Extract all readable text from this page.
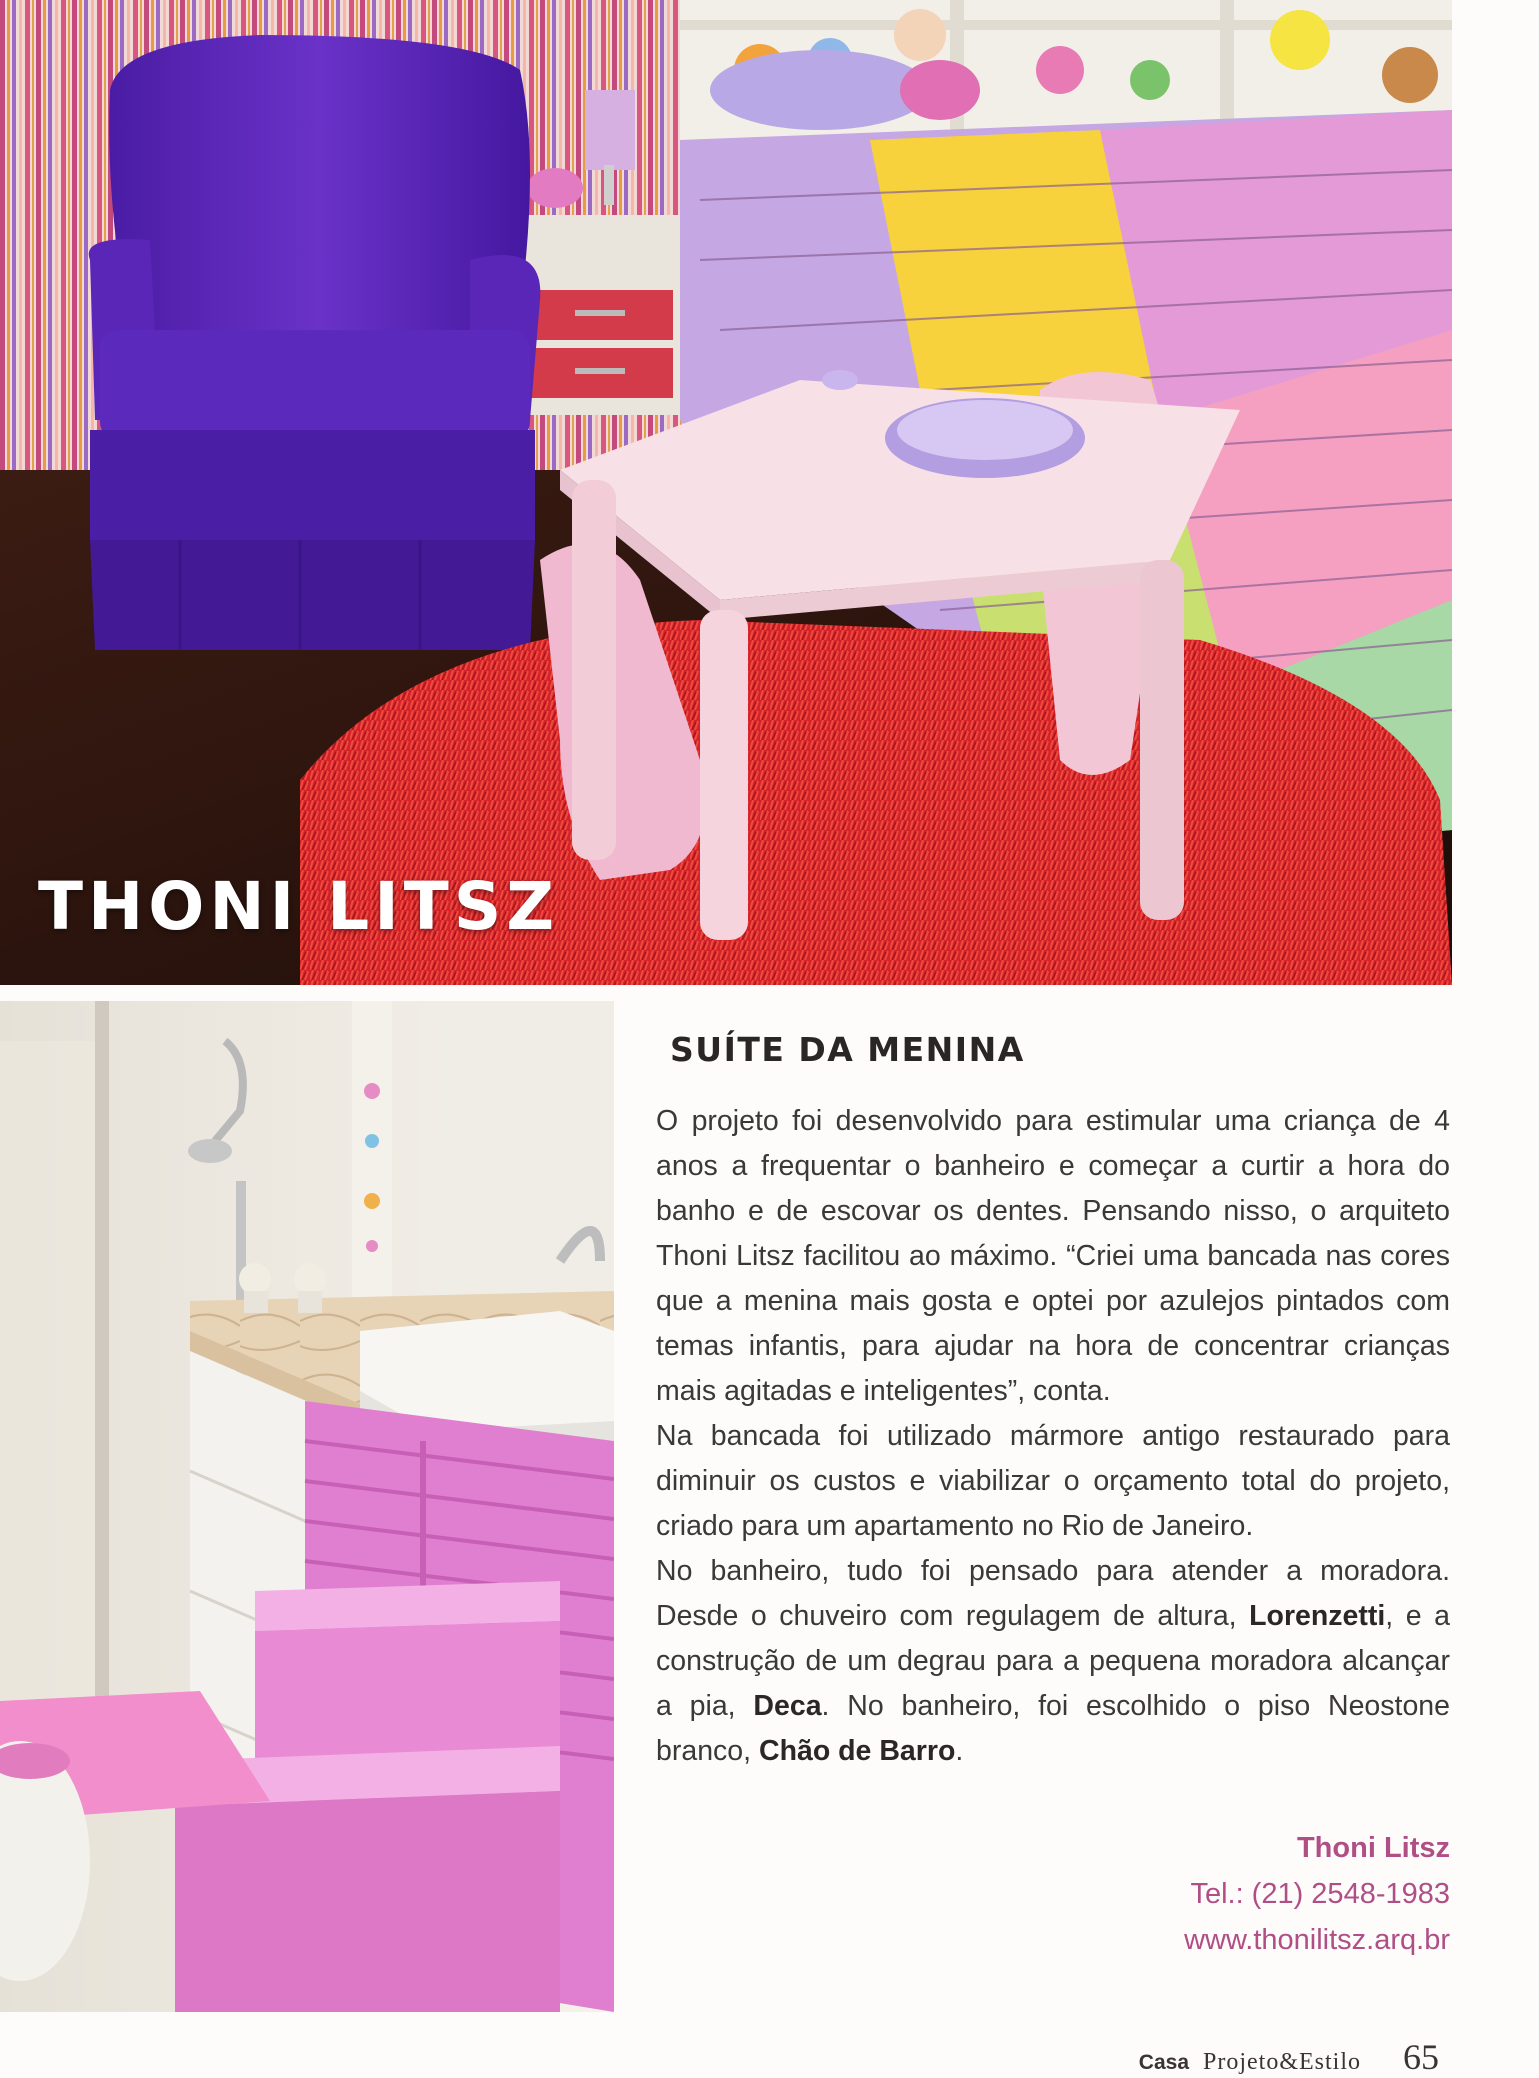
THONI LITSZ
SUÍTE DA MENINA

O projeto foi desenvolvido para estimular uma criança de 4 anos a frequentar o banheiro e começar a curtir a hora do banho e de escovar os dentes. Pensando nisso, o arquiteto Thoni Litsz facilitou ao máximo. “Criei uma bancada nas cores que a menina mais gosta e optei por azulejos pintados com temas infantis, para ajudar na hora de concentrar crianças mais agitadas e inteligentes”, conta.

Na bancada foi utilizado mármore antigo restaurado para diminuir os custos e viabilizar o orçamento total do projeto, criado para um apartamento no Rio de Janeiro.

No banheiro, tudo foi pensado para atender a moradora. Desde o chuveiro com regulagem de altura, Lorenzetti, e a construção de um degrau para a pequena moradora alcançar a pia, Deca. No banheiro, foi escolhido o piso Neostone branco, Chão de Barro.

Thoni Litsz
Tel.: (21) 2548-1983
www.thonilitsz.arq.br
Casa Projeto&Estilo 65
